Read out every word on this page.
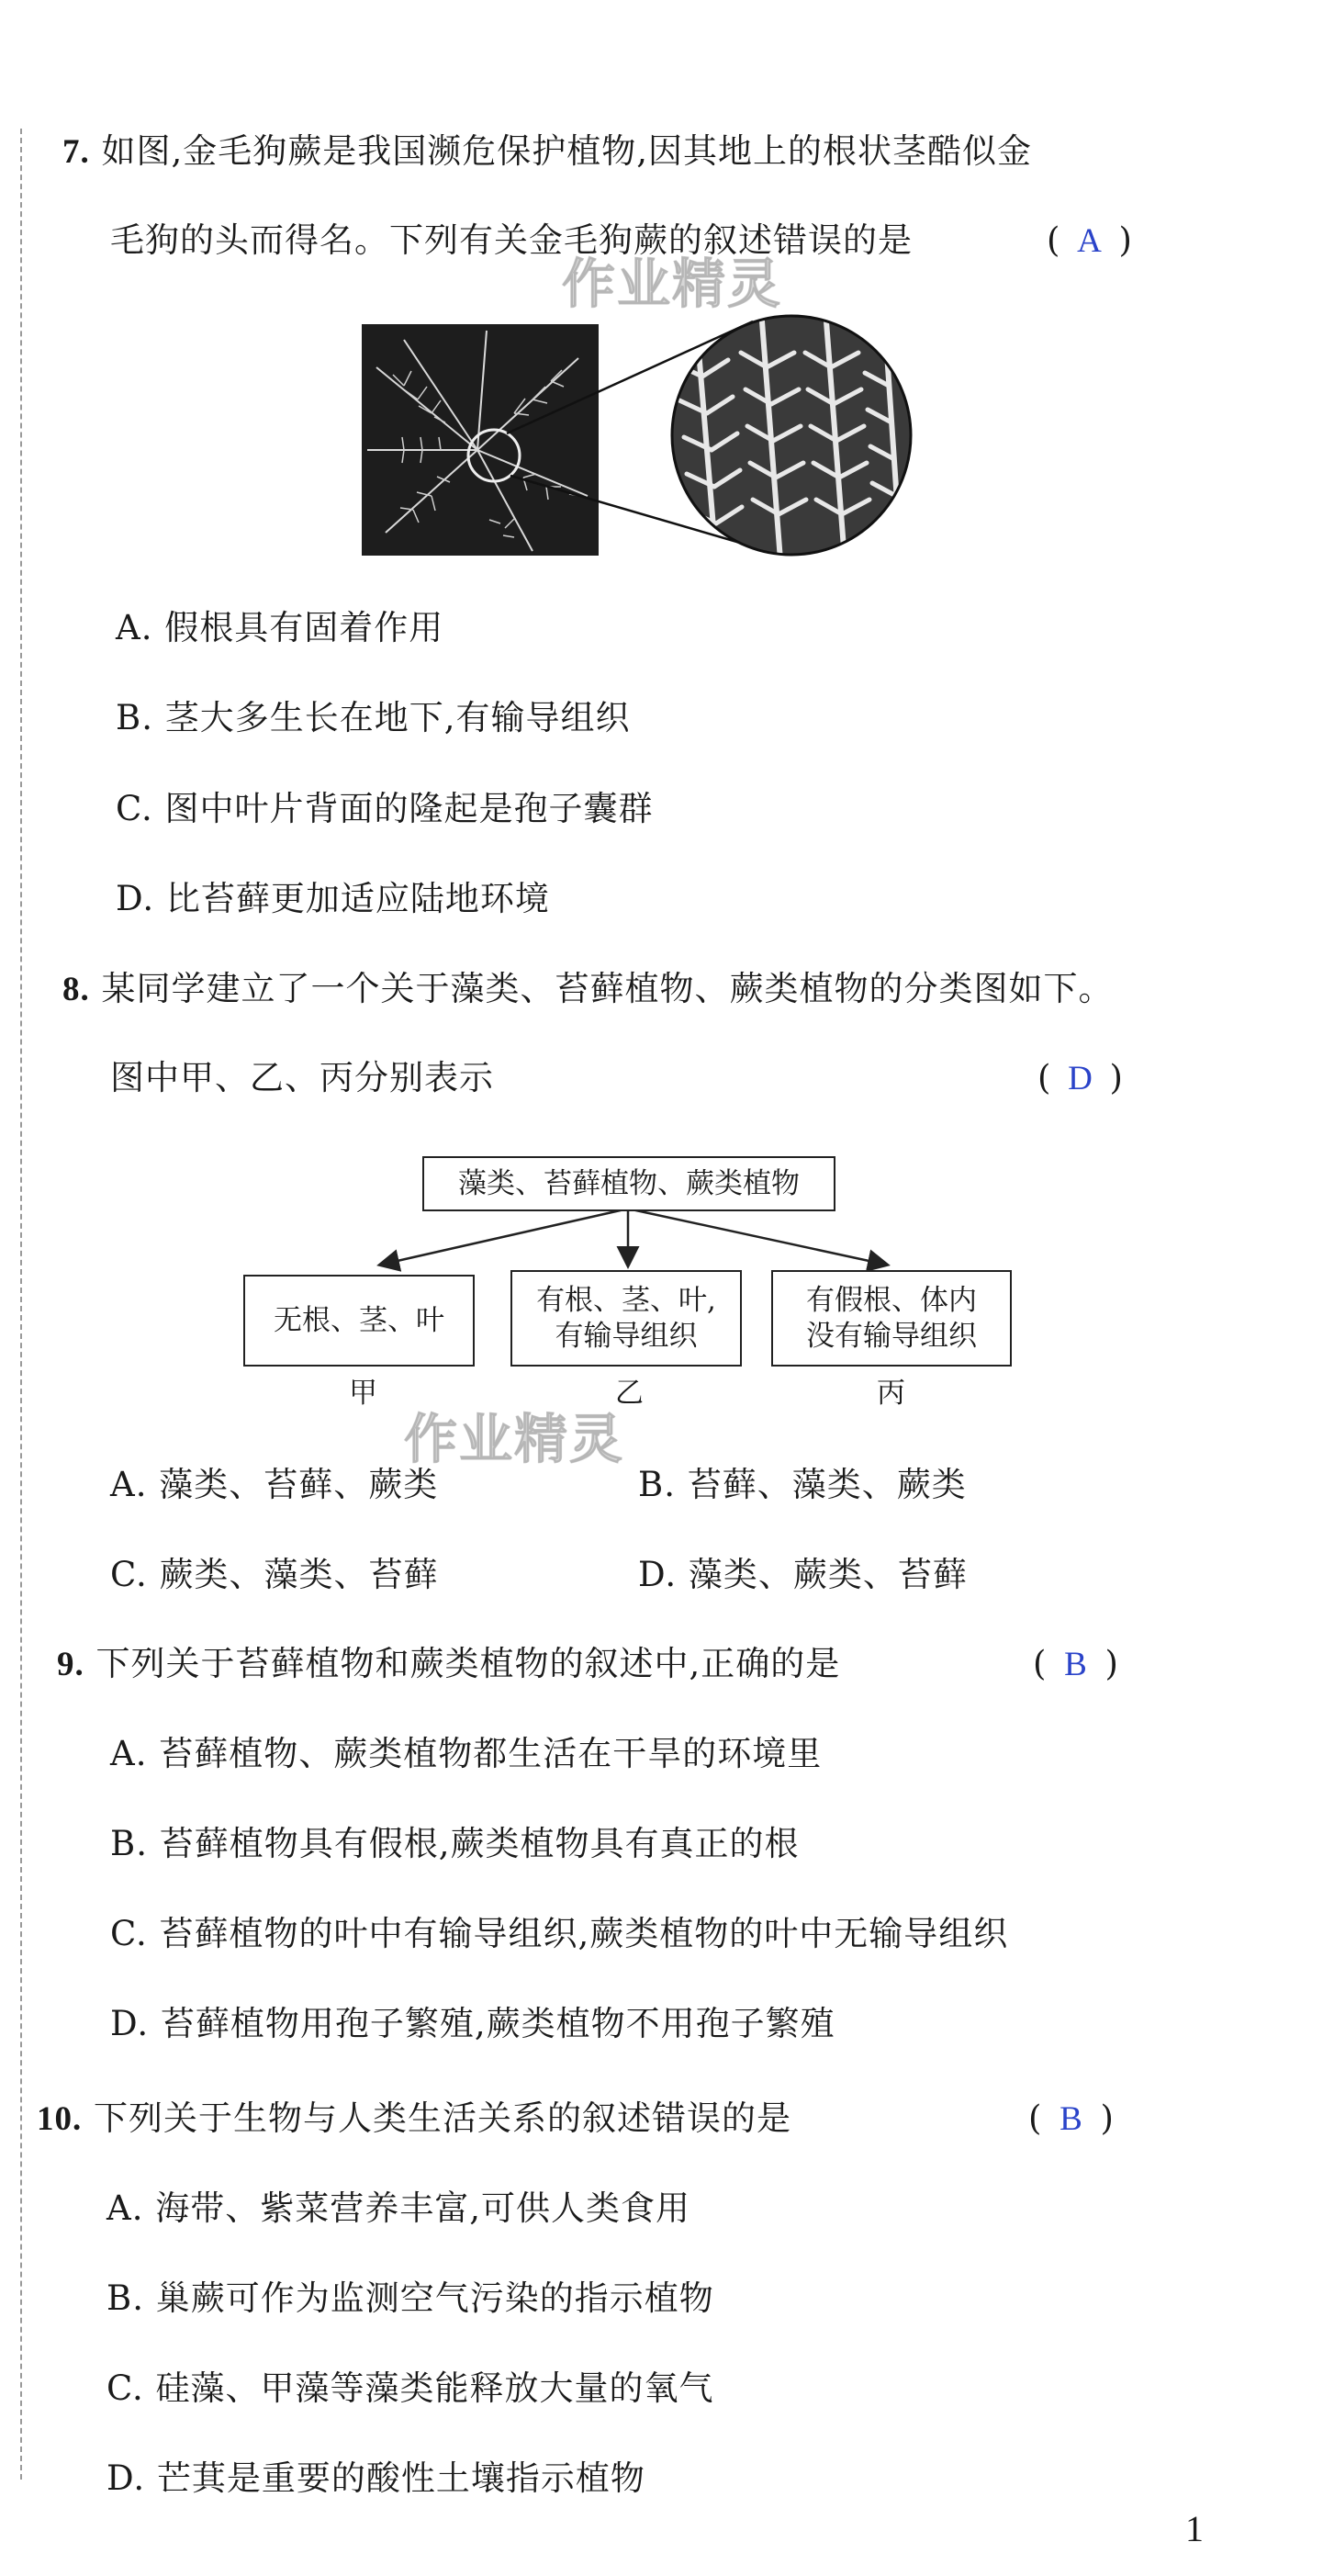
7. 如图,金毛狗蕨是我国濒危保护植物,因其地上的根状茎酷似金
毛狗的头而得名。下列有关金毛狗蕨的叙述错误的是	( A )
作业精灵
A. 假根具有固着作用
B. 茎大多生长在地下,有输导组织
C. 图中叶片背面的隆起是孢子囊群
D. 比苔藓更加适应陆地环境
8. 某同学建立了一个关于藻类、苔藓植物、蕨类植物的分类图如下。
图中甲、乙、丙分别表示	( D )
藻类、苔藓植物、蕨类植物
无根、茎、叶
有根、茎、叶,
有输导组织
有假根、体内
没有输导组织
甲	乙	丙
作业精灵
A. 藻类、苔藓、蕨类	B. 苔藓、藻类、蕨类
C. 蕨类、藻类、苔藓	D. 藻类、蕨类、苔藓
9. 下列关于苔藓植物和蕨类植物的叙述中,正确的是	( B )
A. 苔藓植物、蕨类植物都生活在干旱的环境里
B. 苔藓植物具有假根,蕨类植物具有真正的根
C. 苔藓植物的叶中有输导组织,蕨类植物的叶中无输导组织
D. 苔藓植物用孢子繁殖,蕨类植物不用孢子繁殖
10. 下列关于生物与人类生活关系的叙述错误的是	( B )
A. 海带、紫菜营养丰富,可供人类食用
B. 巢蕨可作为监测空气污染的指示植物
C. 硅藻、甲藻等藻类能释放大量的氧气
D. 芒萁是重要的酸性土壤指示植物
1
